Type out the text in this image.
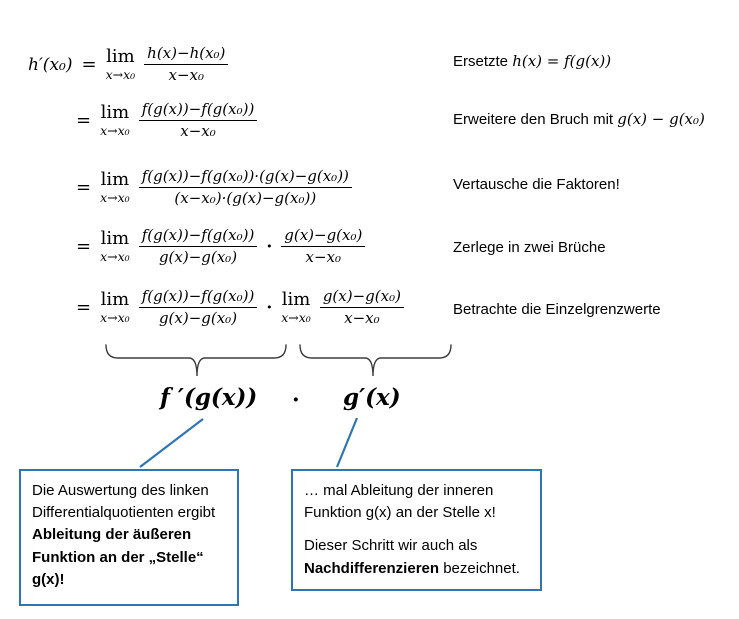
h′(x₀) = lim
$x\to x_0 \frac{\text{h(x)−h(x₀)}}{\text{x−x₀}}$	Ersetzte h(x) = f(g(x))
= lim
$x\to x_0 \frac{\text{f(g(x))−f(g(x₀))}}{\text{x−x₀}}$	Erweitere den Bruch mit g(x) − g(x₀)
= lim
$x\to x_0 \frac{\text{f(g(x))−f(g(x₀))·(g(x)−g(x₀))}}{\text{(x−x₀)·(g(x)−g(x₀))}}$	Vertausche die Faktoren!
= lim
$x\to x_0 \frac{\text{f(g(x))−f(g(x₀))}}{\text{g(x)−g(x₀)}} \cdot \frac{\text{g(x)−g(x₀)}}{\text{x−x₀}}$	Zerlege in zwei Brüche
= lim
$x\to x_0 \frac{\text{f(g(x))−f(g(x₀))}}{\text{g(x)−g(x₀)}} \cdot \lim$
$x\to x_0 \frac{\text{g(x)−g(x₀)}}{\text{x−x₀}}$	Betrachte die Einzelgrenzwerte
f ′(g(x)) · g′(x)

Die Auswertung des linken Differentialquotienten ergibt Ableitung der äußeren Funktion an der „Stelle“ g(x)!

… mal Ableitung der inneren Funktion g(x) an der Stelle x!

Dieser Schritt wir auch als Nachdifferenzieren bezeichnet.
